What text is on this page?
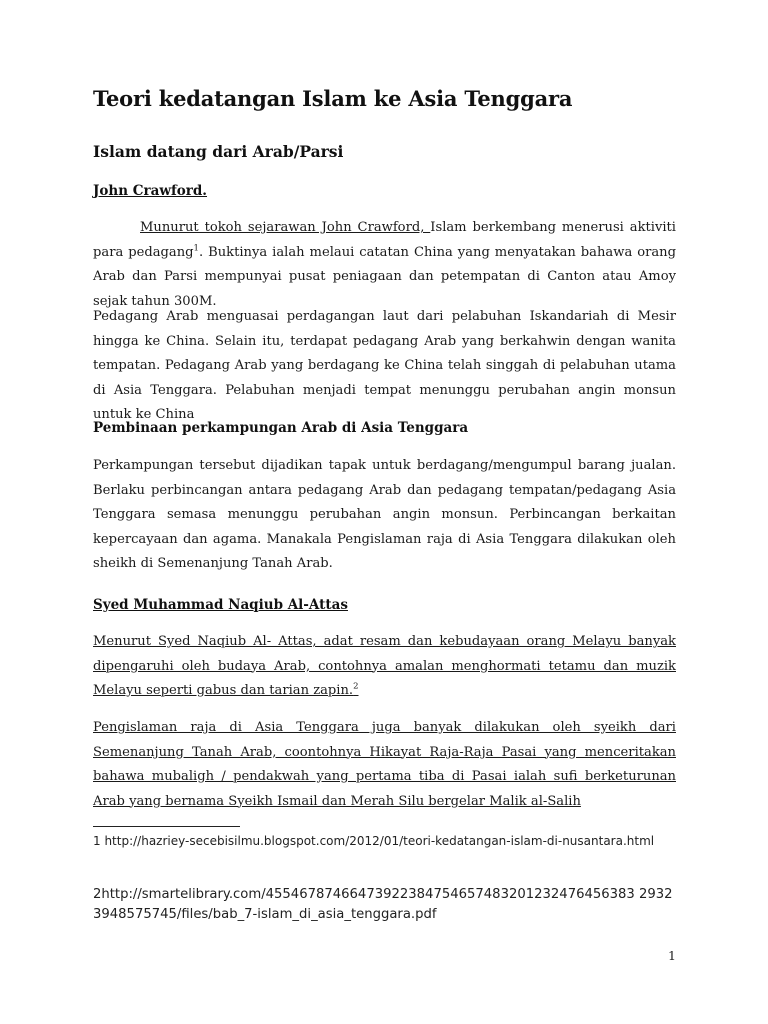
Teori kedatangan Islam ke Asia Tenggara
Islam datang dari Arab/Parsi
John Crawford.

Munurut tokoh sejarawan John Crawford, Islam berkembang menerusi aktiviti para pedagang$^1$. Buktinya ialah melaui catatan China yang menyatakan bahawa orang Arab dan Parsi mempunyai pusat peniagaan dan petempatan di Canton atau Amoy sejak tahun 300M.

Pedagang Arab menguasai perdagangan laut dari pelabuhan Iskandariah di Mesir hingga ke China. Selain itu, terdapat pedagang Arab yang berkahwin dengan wanita tempatan. Pedagang Arab yang berdagang ke China telah singgah di pelabuhan utama di Asia Tenggara. Pelabuhan menjadi tempat menunggu perubahan angin monsun untuk ke China

Pembinaan perkampungan Arab di Asia Tenggara

Perkampungan tersebut dijadikan tapak untuk berdagang/mengumpul barang jualan. Berlaku perbincangan antara pedagang Arab dan pedagang tempatan/pedagang Asia Tenggara semasa menunggu perubahan angin monsun. Perbincangan berkaitan kepercayaan dan agama. Manakala Pengislaman raja di Asia Tenggara dilakukan oleh sheikh di Semenanjung Tanah Arab.

Syed Muhammad Naqiub Al-Attas

Menurut Syed Naqiub Al- Attas, adat resam dan kebudayaan orang Melayu banyak dipengaruhi oleh budaya Arab, contohnya amalan menghormati tetamu dan muzik Melayu seperti gabus dan tarian zapin.$^2$

Pengislaman raja di Asia Tenggara juga banyak dilakukan oleh syeikh dari Semenanjung Tanah Arab, coontohnya Hikayat Raja-Raja Pasai yang menceritakan bahawa mubaligh / pendakwah yang pertama tiba di Pasai ialah sufi berketurunan Arab yang bernama Syeikh Ismail dan Merah Silu bergelar Malik al-Salih

1 http://hazriey-secebisilmu.blogspot.com/2012/01/teori-kedatangan-islam-di-nusantara.html

2http://smartelibrary.com/45546787466473922384754657483201232476456383 29323948575745/files/bab_7-islam_di_asia_tenggara.pdf

1
